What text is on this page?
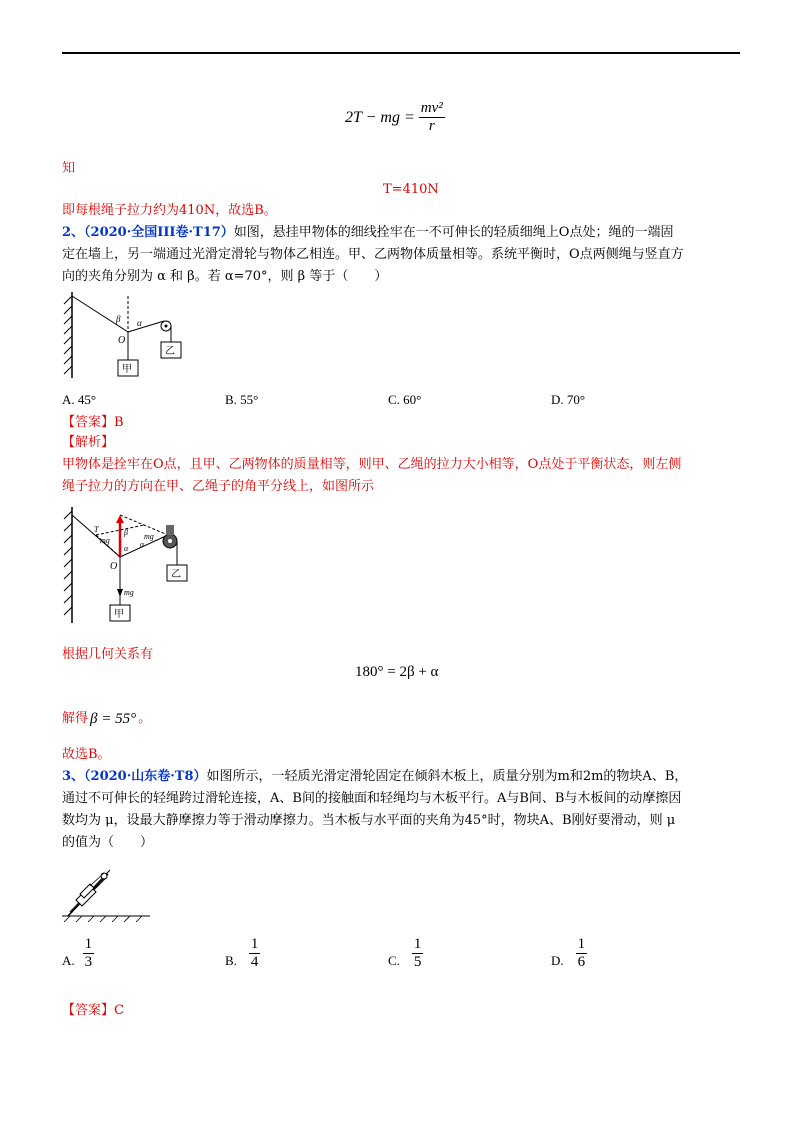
2T − mg = $\frac{\text{mv²}}{r}$
知
T=410N
即每根绳子拉力约为410N，故选B。
2、（2020·全国III卷·T17）如图，悬挂甲物体的细线拴牢在一不可伸长的轻质细绳上O点处；绳的一端固
定在墙上，另一端通过光滑定滑轮与物体乙相连。甲、乙两物体质量相等。系统平衡时，O点两侧绳与竖直方
向的夹角分别为 α 和 β。若 α=70°，则 β 等于（　　）
β α
O
甲
乙
A. 45°	B. 55°	C. 60°	D. 70°
【答案】B
【解析】
甲物体是拴牢在O点，且甲、乙两物体的质量相等，则甲、乙绳的拉力大小相等，O点处于平衡状态，则左侧
绳子拉力的方向在甲、乙绳子的角平分线上，如图所示
T
mg	mg
β
α α
O
mg
甲
乙
根据几何关系有
180° = 2β + α
解得 β = 55° 。
故选B。
3、（2020·山东卷·T8）如图所示，一轻质光滑定滑轮固定在倾斜木板上，质量分别为m和2m的物块A、B，
通过不可伸长的轻绳跨过滑轮连接，A、B间的接触面和轻绳均与木板平行。A与B间、B与木板间的动摩擦因
数均为 μ，设最大静摩擦力等于滑动摩擦力。当木板与水平面的夹角为45°时，物块A、B刚好要滑动，则 μ
的值为（　　）
A. $\frac{1}{3}$	B. $\frac{1}{4}$	C. $\frac{1}{5}$	D. $\frac{1}{6}$
【答案】C
